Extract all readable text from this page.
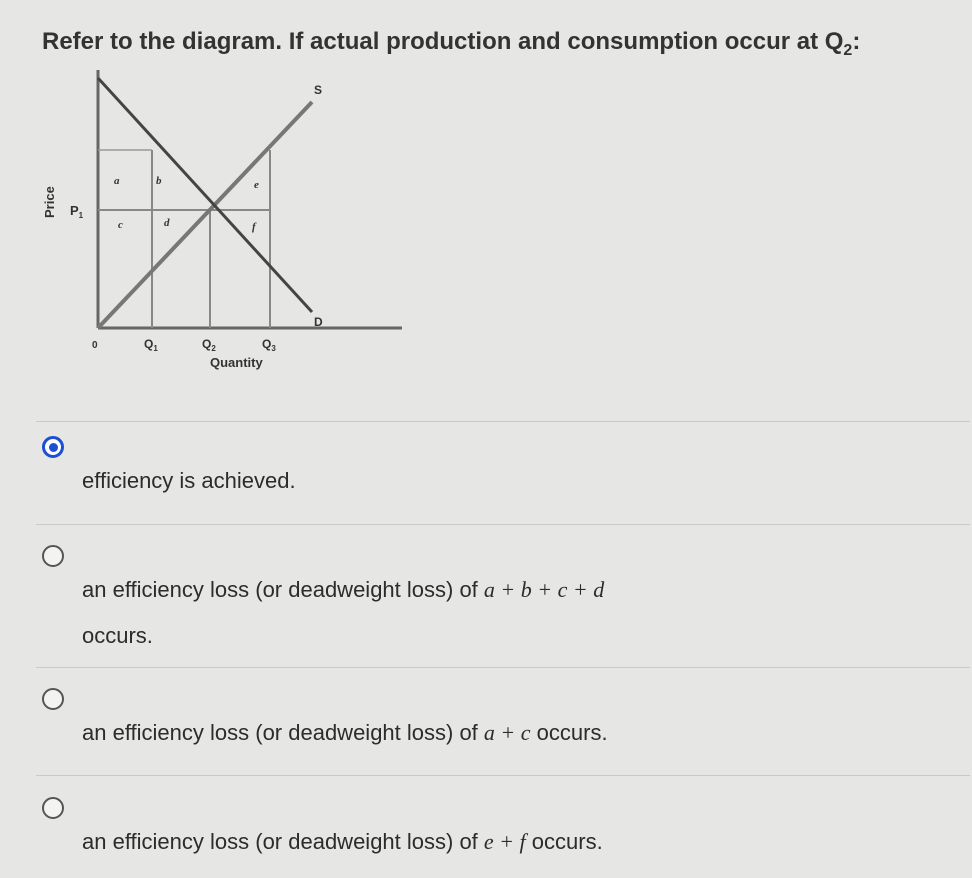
Refer to the diagram. If actual production and consumption occur at $Q_2$:
Price $P_1$
0
S
D
$Q_1$	$Q_2$	$Q_3$
Quantity
a	b
c	d
e
f
efficiency is achieved.
an efficiency loss (or deadweight loss) of a + b + c + d
occurs.
an efficiency loss (or deadweight loss) of a + c occurs.
an efficiency loss (or deadweight loss) of e + f occurs.
